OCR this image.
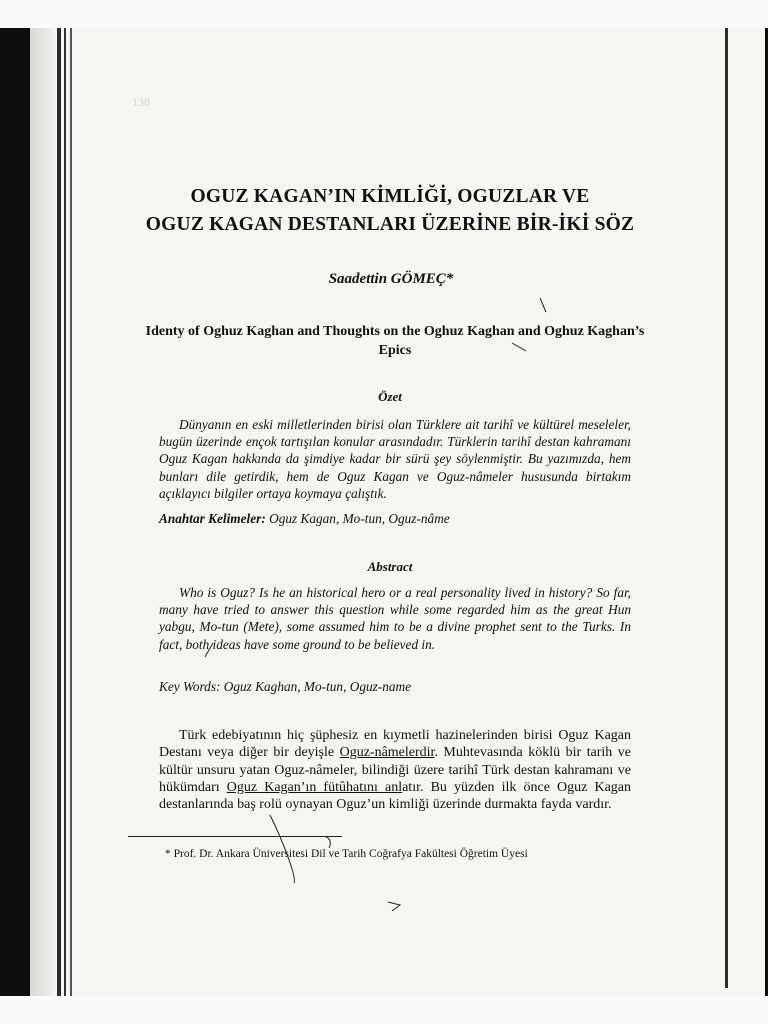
138
OGUZ KAGAN’IN KİMLİĞİ, OGUZLAR VE
OGUZ KAGAN DESTANLARI ÜZERİNE BİR-İKİ SÖZ
Saadettin GÖMEÇ*
Identy of Oghuz Kaghan and Thoughts on the Oghuz Kaghan and Oghuz Kaghan’s Epics
Özet
Dünyanın en eski milletlerinden birisi olan Türklere ait tarihî ve kültürel meseleler, bugün üzerinde ençok tartışılan konular arasındadır. Türklerin tarihî destan kahramanı Oguz Kagan hakkında da şimdiye kadar bir sürü şey söylenmiştir. Bu yazımızda, hem bunları dile getirdik, hem de Oguz Kagan ve Oguz-nâmeler hususunda birtakım açıklayıcı bilgiler ortaya koymaya çalıştık.
Anahtar Kelimeler: Oguz Kagan, Mo-tun, Oguz-nâme
Abstract
Who is Oguz? Is he an historical hero or a real personality lived in history? So far, many have tried to answer this question while some regarded him as the great Hun yabgu, Mo-tun (Mete), some assumed him to be a divine prophet sent to the Turks. In fact, both ideas have some ground to be believed in.
Key Words: Oguz Kaghan, Mo-tun, Oguz-name
Türk edebiyatının hiç şüphesiz en kıymetli hazinelerinden birisi Oguz Kagan Destanı veya diğer bir deyişle Oguz-nâmelerdir. Muhtevasında köklü bir tarih ve kültür unsuru yatan Oguz-nâmeler, bilindiği üzere tarihî Türk destan kahramanı ve hükümdarı Oguz Kagan’ın fütûhatını anlatır. Bu yüzden ilk önce Oguz Kagan destanlarında baş rolü oynayan Oguz’un kimliği üzerinde durmakta fayda vardır.
* Prof. Dr. Ankara Üniversitesi Dil ve Tarih Coğrafya Fakültesi Öğretim Üyesi
